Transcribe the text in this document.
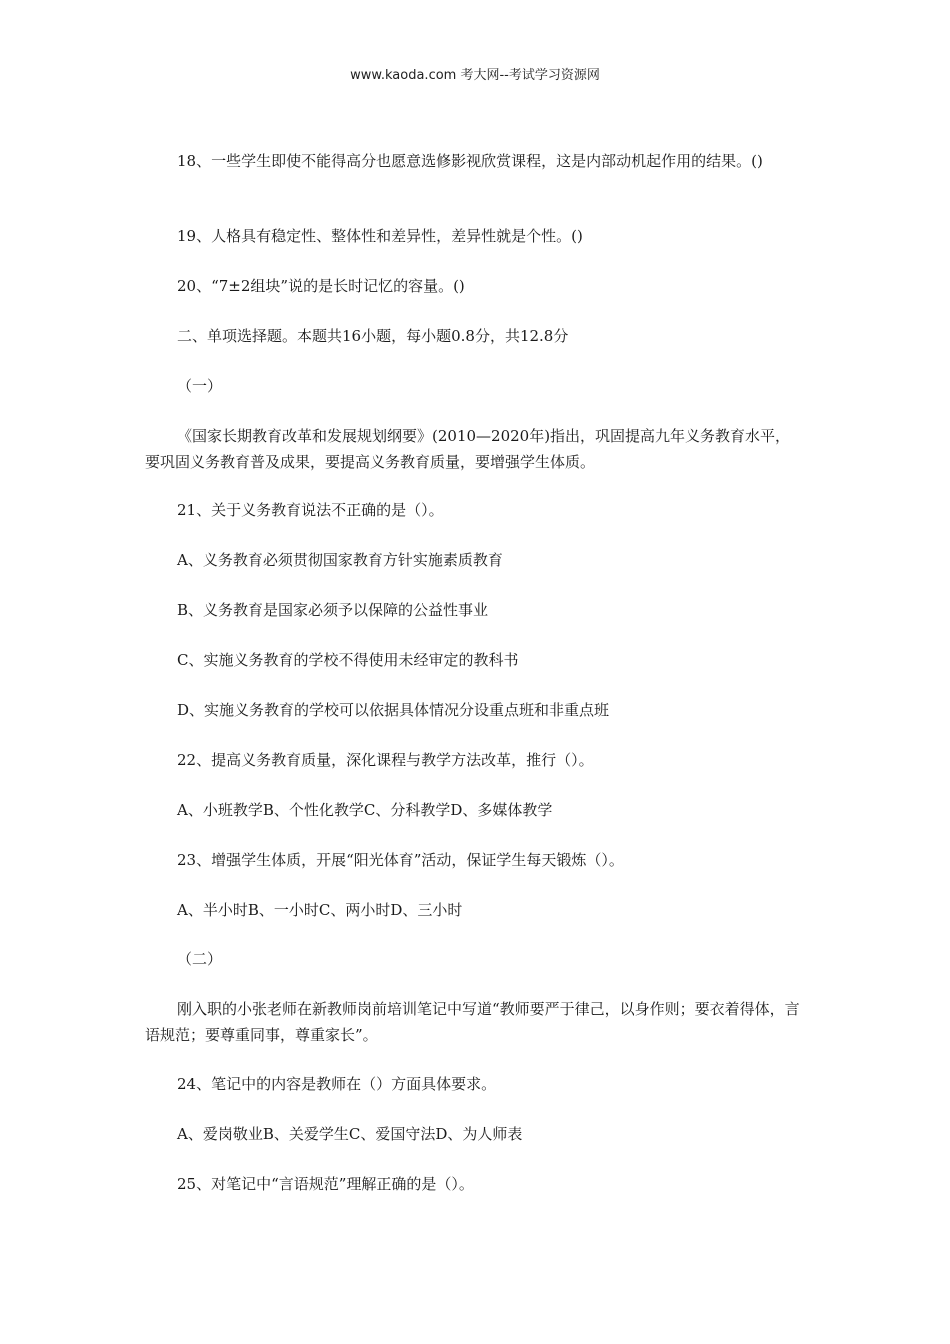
www.kaoda.com 考大网--考试学习资源网
18、一些学生即使不能得高分也愿意选修影视欣赏课程，这是内部动机起作用的结果。()
19、人格具有稳定性、整体性和差异性，差异性就是个性。()
20、“7±2组块”说的是长时记忆的容量。()
二、单项选择题。本题共16小题，每小题0.8分，共12.8分
（一）
《国家长期教育改革和发展规划纲要》(2010—2020年)指出，巩固提高九年义务教育水平，要巩固义务教育普及成果，要提高义务教育质量，要增强学生体质。
21、关于义务教育说法不正确的是（）。
A、义务教育必须贯彻国家教育方针实施素质教育
B、义务教育是国家必须予以保障的公益性事业
C、实施义务教育的学校不得使用未经审定的教科书
D、实施义务教育的学校可以依据具体情况分设重点班和非重点班
22、提高义务教育质量，深化课程与教学方法改革，推行（）。
A、小班教学B、个性化教学C、分科教学D、多媒体教学
23、增强学生体质，开展“阳光体育”活动，保证学生每天锻炼（）。
A、半小时B、一小时C、两小时D、三小时
（二）
刚入职的小张老师在新教师岗前培训笔记中写道“教师要严于律己，以身作则；要衣着得体，言语规范；要尊重同事，尊重家长”。
24、笔记中的内容是教师在（）方面具体要求。
A、爱岗敬业B、关爱学生C、爱国守法D、为人师表
25、对笔记中“言语规范”理解正确的是（）。
